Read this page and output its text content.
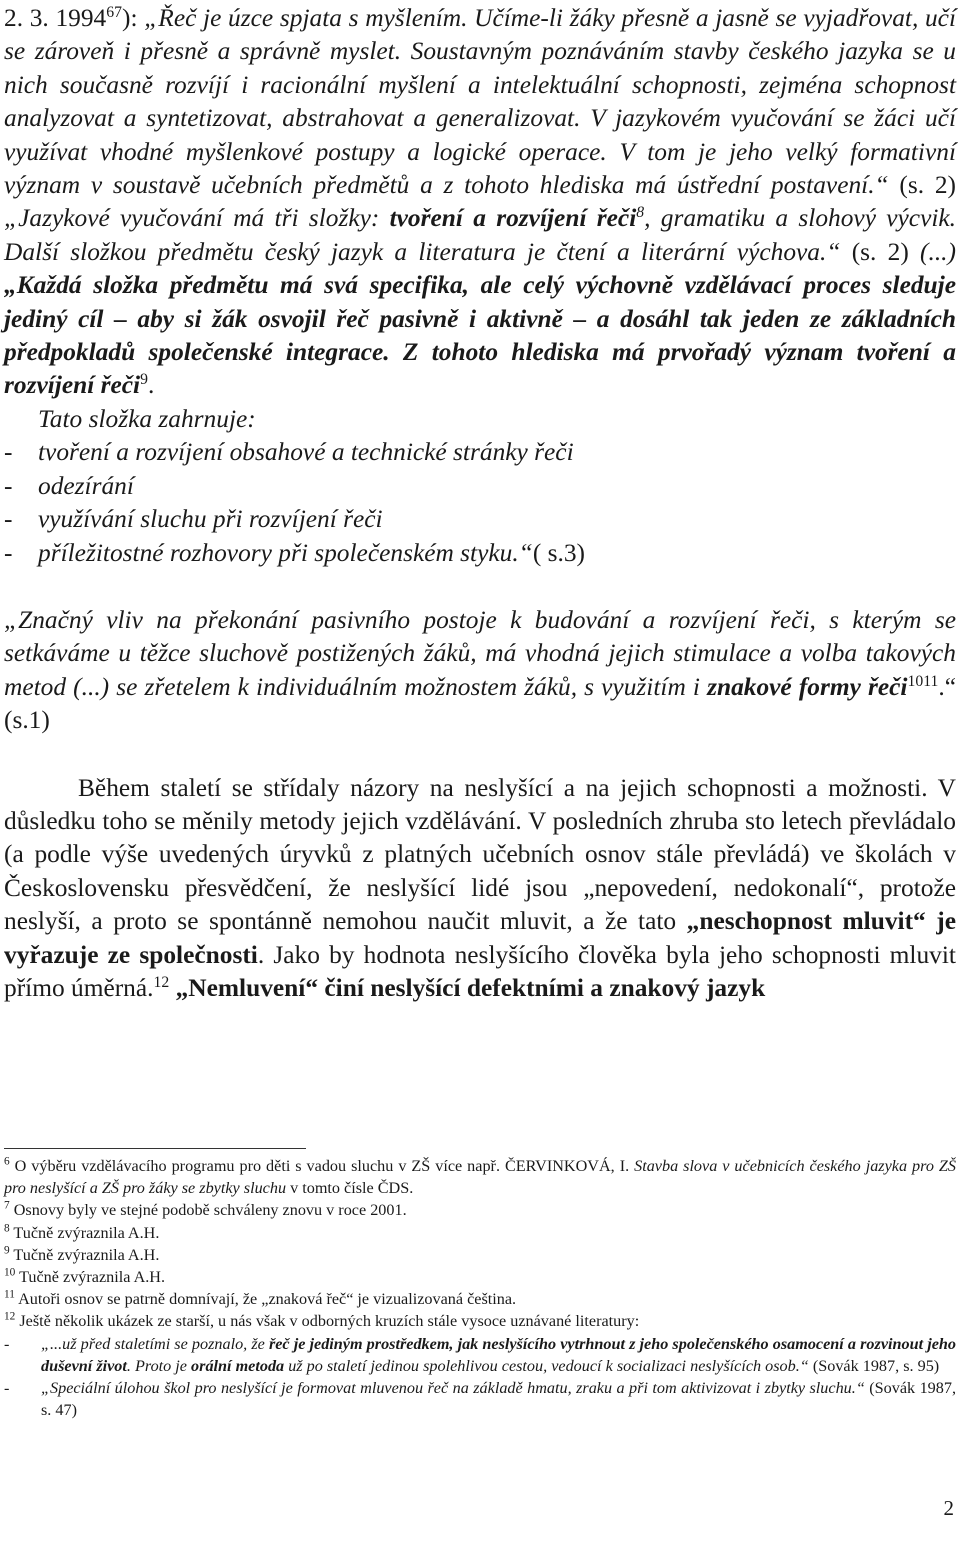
2. 3. 1994$^{67}$): „Řeč je úzce spjata s myšlením. Učíme-li žáky přesně a jasně se vyjadřovat, učí se zároveň i přesně a správně myslet. Soustavným poznáváním stavby českého jazyka se u nich současně rozvíjí i racionální myšlení a intelektuální schopnosti, zejména schopnost analyzovat a syntetizovat, abstrahovat a generalizovat. V jazykovém vyučování se žáci učí využívat vhodné myšlenkové postupy a logické operace. V tom je jeho velký formativní význam v soustavě učebních předmětů a z tohoto hlediska má ústřední postavení.“ (s. 2) „Jazykové vyučování má tři složky: tvoření a rozvíjení řeči$^8$, gramatiku a slohový výcvik. Další složkou předmětu český jazyk a literatura je čtení a literární výchova.“ (s. 2) (...) „Každá složka předmětu má svá specifika, ale celý výchovně vzdělávací proces sleduje jediný cíl – aby si žák osvojil řeč pasivně i aktivně – a dosáhl tak jeden ze základních předpokladů společenské integrace. Z tohoto hlediska má prvořadý význam tvoření a rozvíjení řeči$^9$.

Tato složka zahrnuje:

- tvoření a rozvíjení obsahové a technické stránky řeči
- odezírání
- využívání sluchu při rozvíjení řeči
- příležitostné rozhovory při společenském styku.“( s.3)

„Značný vliv na překonání pasivního postoje k budování a rozvíjení řeči, s kterým se setkáváme u těžce sluchově postižených žáků, má vhodná jejich stimulace a volba takových metod (...) se zřetelem k individuálním možnostem žáků, s využitím i znakové formy řeči$^{1011}$.“ (s.1)

Během staletí se střídaly názory na neslyšící a na jejich schopnosti a možnosti. V důsledku toho se měnily metody jejich vzdělávání. V posledních zhruba sto letech převládalo (a podle výše uvedených úryvků z platných učebních osnov stále převládá) ve školách v Československu přesvědčení, že neslyšící lidé jsou „nepovedení, nedokonalí“, protože neslyší, a proto se spontánně nemohou naučit mluvit, a že tato „neschopnost mluvit“ je vyřazuje ze společnosti. Jako by hodnota neslyšícího člověka byla jeho schopnosti mluvit přímo úměrná.$^{12}$ „Nemluvení“ činí neslyšící defektními a znakový jazyk

$^6$ O výběru vzdělávacího programu pro děti s vadou sluchu v ZŠ více např. ČERVINKOVÁ, I. Stavba slova v učebnicích českého jazyka pro ZŠ pro neslyšící a ZŠ pro žáky se zbytky sluchu v tomto čísle ČDS.

$^7$ Osnovy byly ve stejné podobě schváleny znovu v roce 2001.

$^8$ Tučně zvýraznila A.H.

$^9$ Tučně zvýraznila A.H.

$^{10}$ Tučně zvýraznila A.H.

$^{11}$ Autoři osnov se patrně domnívají, že „znaková řeč“ je vizualizovaná čeština.

$^{12}$ Ještě několik ukázek ze starší, u nás však v odborných kruzích stále vysoce uznávané literatury:

- „...už před staletími se poznalo, že řeč je jediným prostředkem, jak neslyšícího vytrhnout z jeho společenského osamocení a rozvinout jeho duševní život. Proto je orální metoda už po staletí jedinou spolehlivou cestou, vedoucí k socializaci neslyšících osob.“ (Sovák 1987, s. 95)

- „Speciální úlohou škol pro neslyšící je formovat mluvenou řeč na základě hmatu, zraku a při tom aktivizovat i zbytky sluchu.“ (Sovák 1987, s. 47)

2
